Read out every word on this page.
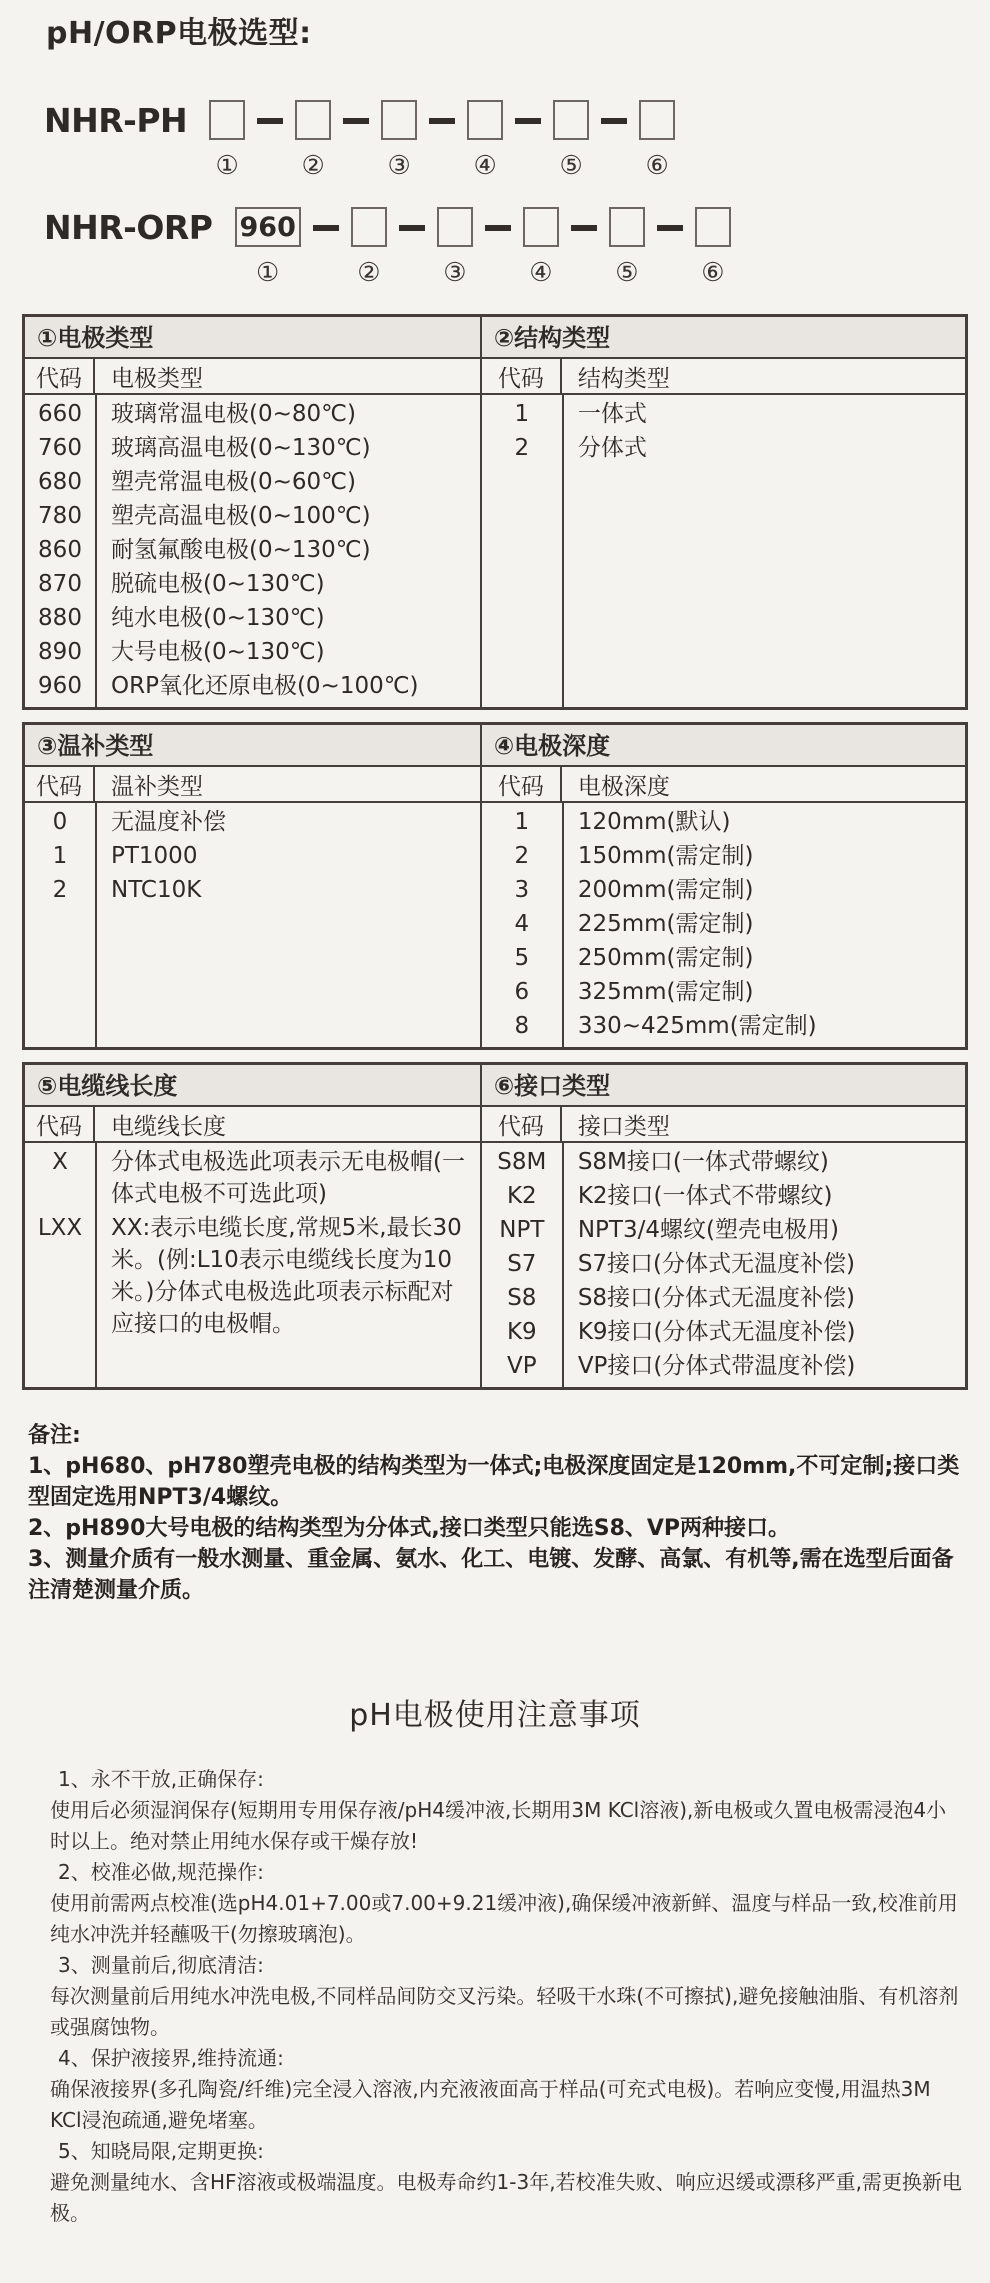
pH/ORP电极选型:
NHR-PH
① ② ③ ④ ⑤ ⑥
NHR-ORP 960
①	② ③ ④ ⑤ ⑥
①电极类型
代码	电极类型
660	玻璃常温电极(0~80℃)
760	玻璃高温电极(0~130℃)
680	塑壳常温电极(0~60℃)
780	塑壳高温电极(0~100℃)
860	耐氢氟酸电极(0~130℃)
870	脱硫电极(0~130℃)
880	纯水电极(0~130℃)
890	大号电极(0~130℃)
960	ORP氧化还原电极(0~100℃)
②结构类型
代码	结构类型
1	一体式
2	分体式
③温补类型
代码	温补类型
0	无温度补偿
1	PT1000
2	NTC10K
④电极深度
代码	电极深度
1	120mm(默认)
2	150mm(需定制)
3	200mm(需定制)
4	225mm(需定制)
5	250mm(需定制)
6	325mm(需定制)
8	330~425mm(需定制)
⑤电缆线长度
代码	电缆线长度
X	分体式电极选此项表示无电极帽(一体式电极不可选此项)
LXX	XX:表示电缆长度,常规5米,最长30米。(例:L10表示电缆线长度为10米。)分体式电极选此项表示标配对应接口的电极帽。
⑥接口类型
代码	接口类型
S8M	S8M接口(一体式带螺纹)
K2	K2接口(一体式不带螺纹)
NPT	NPT3/4螺纹(塑壳电极用)
S7	S7接口(分体式无温度补偿)
S8	S8接口(分体式无温度补偿)
K9	K9接口(分体式无温度补偿)
VP	VP接口(分体式带温度补偿)
备注:
1、pH680、pH780塑壳电极的结构类型为一体式;电极深度固定是120mm,不可定制;接口类型固定选用NPT3/4螺纹。
2、pH890大号电极的结构类型为分体式,接口类型只能选S8、VP两种接口。
3、测量介质有一般水测量、重金属、氨水、化工、电镀、发酵、高氯、有机等,需在选型后面备注清楚测量介质。
pH电极使用注意事项
1、永不干放,正确保存:
使用后必须湿润保存(短期用专用保存液/pH4缓冲液,长期用3M KCl溶液),新电极或久置电极需浸泡4小时以上。绝对禁止用纯水保存或干燥存放!
2、校准必做,规范操作:
使用前需两点校准(选pH4.01+7.00或7.00+9.21缓冲液),确保缓冲液新鲜、温度与样品一致,校准前用纯水冲洗并轻蘸吸干(勿擦玻璃泡)。
3、测量前后,彻底清洁:
每次测量前后用纯水冲洗电极,不同样品间防交叉污染。轻吸干水珠(不可擦拭),避免接触油脂、有机溶剂或强腐蚀物。
4、保护液接界,维持流通:
确保液接界(多孔陶瓷/纤维)完全浸入溶液,内充液液面高于样品(可充式电极)。若响应变慢,用温热3M KCl浸泡疏通,避免堵塞。
5、知晓局限,定期更换:
避免测量纯水、含HF溶液或极端温度。电极寿命约1-3年,若校准失败、响应迟缓或漂移严重,需更换新电极。
